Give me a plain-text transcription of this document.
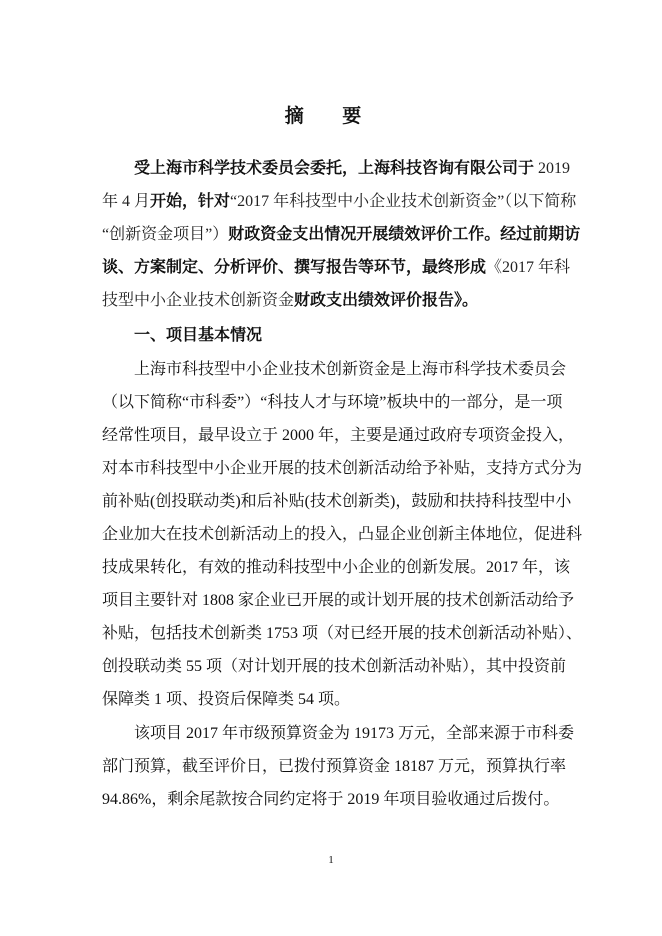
摘 要
受上海市科学技术委员会委托，上海科技咨询有限公司于 2019
年 4 月开始，针对“2017 年科技型中小企业技术创新资金”（以下简称
“创新资金项目”）财政资金支出情况开展绩效评价工作。经过前期访
谈、方案制定、分析评价、撰写报告等环节，最终形成《2017 年科
技型中小企业技术创新资金财政支出绩效评价报告》。
一、项目基本情况
上海市科技型中小企业技术创新资金是上海市科学技术委员会
（以下简称“市科委”）“科技人才与环境”板块中的一部分，是一项
经常性项目，最早设立于 2000 年，主要是通过政府专项资金投入，
对本市科技型中小企业开展的技术创新活动给予补贴，支持方式分为
前补贴(创投联动类)和后补贴(技术创新类)，鼓励和扶持科技型中小
企业加大在技术创新活动上的投入，凸显企业创新主体地位，促进科
技成果转化，有效的推动科技型中小企业的创新发展。2017 年，该
项目主要针对 1808 家企业已开展的或计划开展的技术创新活动给予
补贴，包括技术创新类 1753 项（对已经开展的技术创新活动补贴）、
创投联动类 55 项（对计划开展的技术创新活动补贴），其中投资前
保障类 1 项、投资后保障类 54 项。
该项目 2017 年市级预算资金为 19173 万元，全部来源于市科委
部门预算，截至评价日，已拨付预算资金 18187 万元，预算执行率
94.86%，剩余尾款按合同约定将于 2019 年项目验收通过后拨付。
1
